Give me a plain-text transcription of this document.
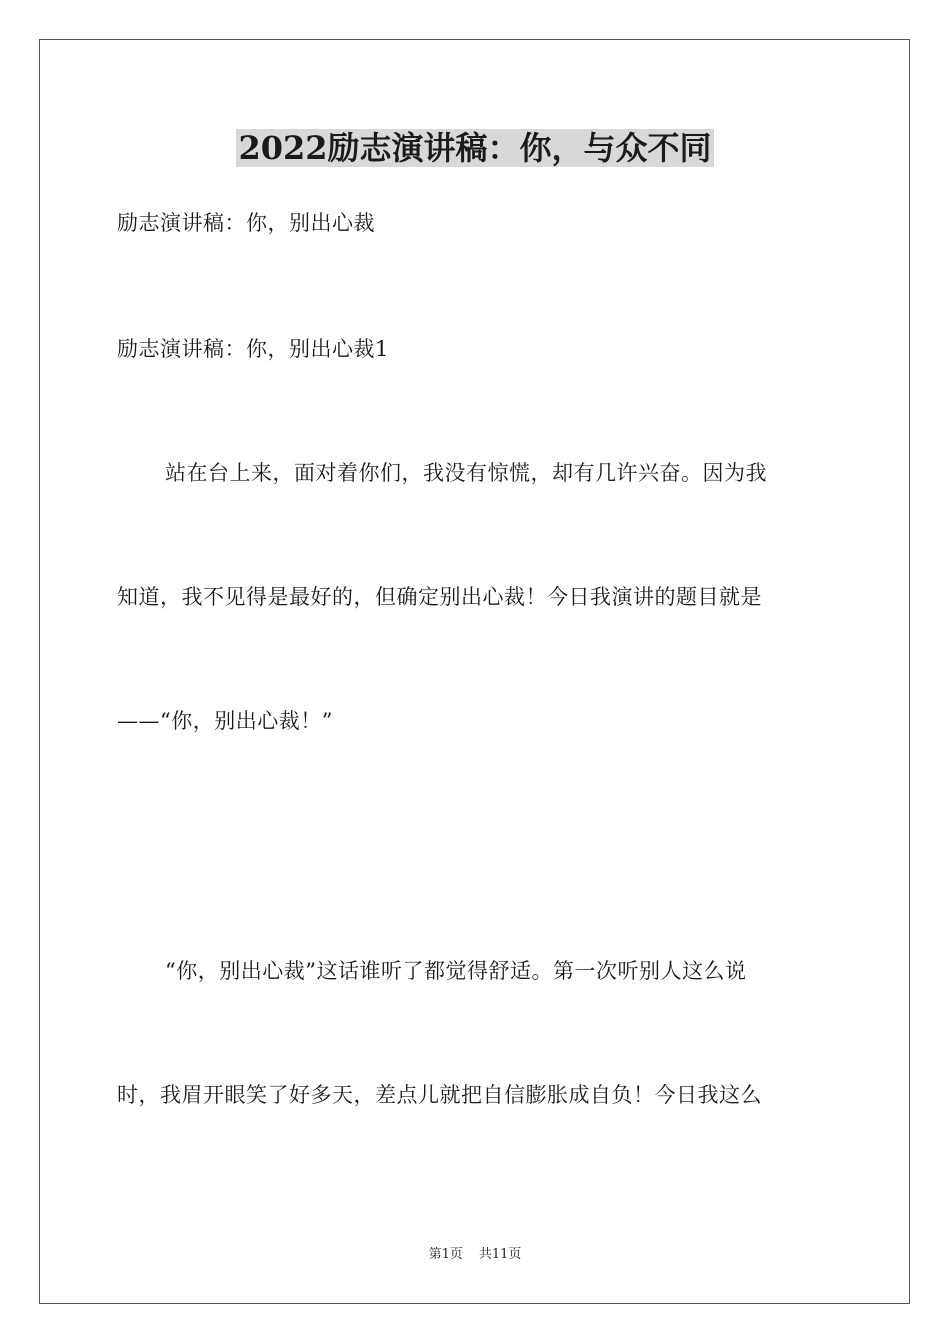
2022励志演讲稿：你，与众不同
励志演讲稿：你，别出心裁
励志演讲稿：你，别出心裁1
站在台上来，面对着你们，我没有惊慌，却有几许兴奋。因为我
知道，我不见得是最好的，但确定别出心裁！今日我演讲的题目就是
——“你，别出心裁！”
“你，别出心裁”这话谁听了都觉得舒适。第一次听别人这么说
时，我眉开眼笑了好多天，差点儿就把自信膨胀成自负！今日我这么
第1页 共11页
